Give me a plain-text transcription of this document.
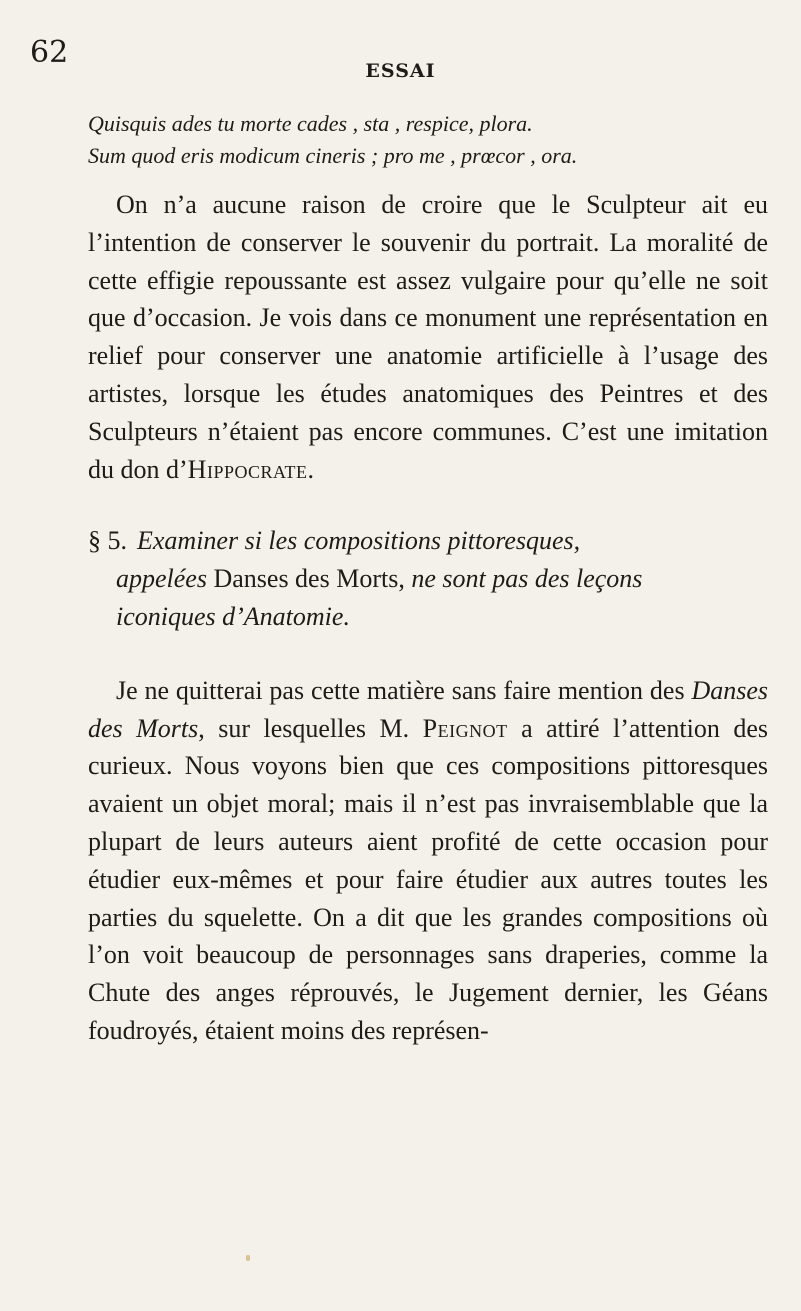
62
ESSAI

Quisquis ades tu morte cades , sta , respice, plora.
Sum quod eris modicum cineris ; pro me , prœcor , ora.

On n’a aucune raison de croire que le Sculpteur ait eu l’intention de conserver le souvenir du portrait. La moralité de cette effigie repoussante est assez vulgaire pour qu’elle ne soit que d’occasion. Je vois dans ce monument une représentation en relief pour conserver une anatomie artificielle à l’usage des artistes, lorsque les études anatomiques des Peintres et des Sculpteurs n’étaient pas encore communes. C’est une imitation du don d’Hippocrate.

§ 5. Examiner si les compositions pittoresques,
appelées Danses des Morts, ne sont pas des leçons
iconiques d’Anatomie.

Je ne quitterai pas cette matière sans faire mention des Danses des Morts, sur lesquelles M. Peignot a attiré l’attention des curieux. Nous voyons bien que ces compositions pittoresques avaient un objet moral; mais il n’est pas invraisemblable que la plupart de leurs auteurs aient profité de cette occasion pour étudier eux-mêmes et pour faire étudier aux autres toutes les parties du squelette. On a dit que les grandes compositions où l’on voit beaucoup de personnages sans draperies, comme la Chute des anges réprouvés, le Jugement dernier, les Géans foudroyés, étaient moins des représen-
